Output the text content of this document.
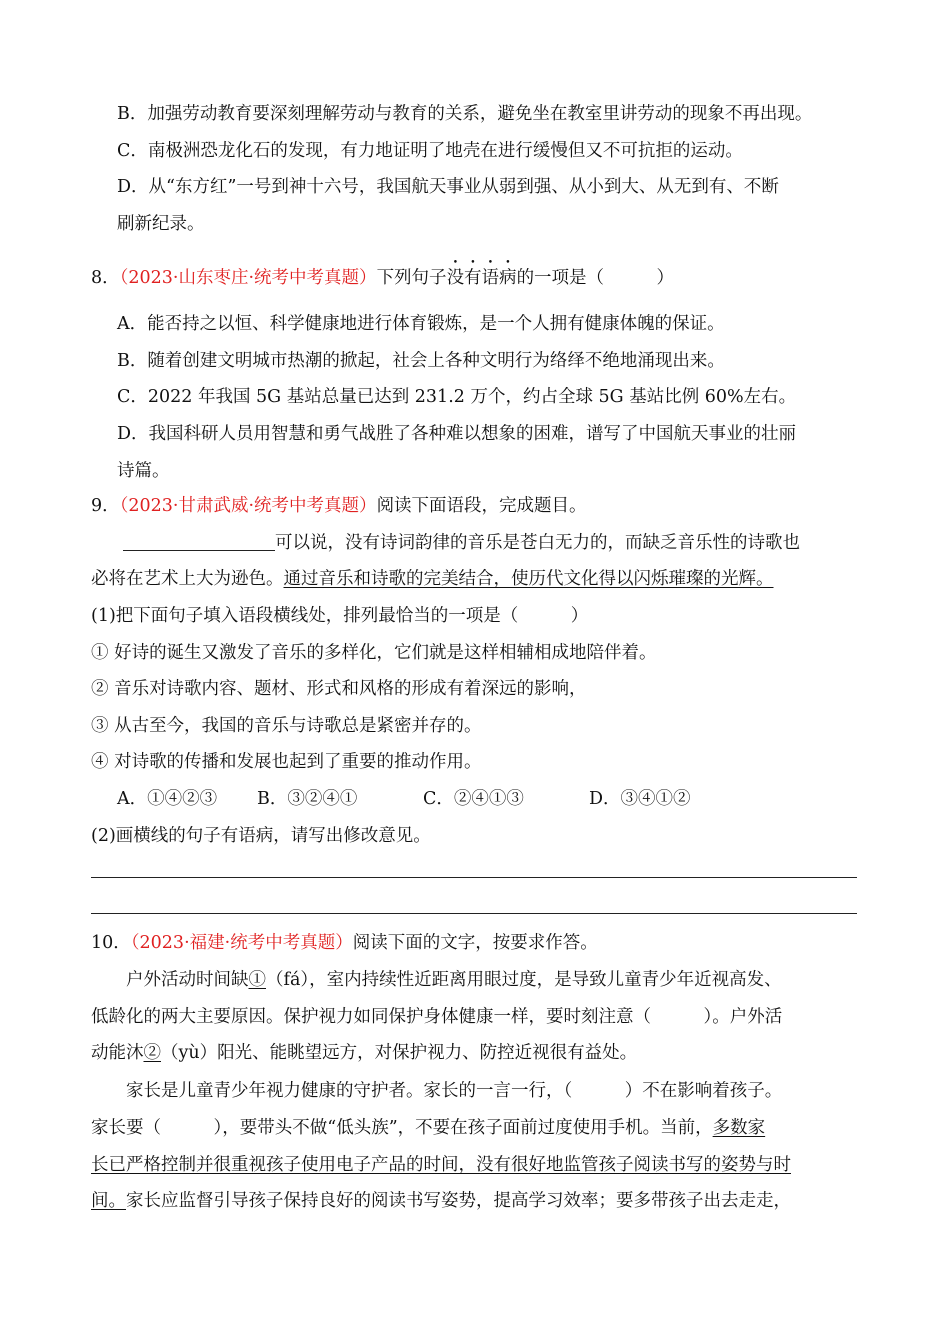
B．加强劳动教育要深刻理解劳动与教育的关系，避免坐在教室里讲劳动的现象不再出现。
C．南极洲恐龙化石的发现，有力地证明了地壳在进行缓慢但又不可抗拒的运动。
D．从“东方红”一号到神十六号，我国航天事业从弱到强、从小到大、从无到有、不断
刷新纪录。
8．（2023·山东枣庄·统考中考真题）下列句子没有语病的一项是（　　　）
A．能否持之以恒、科学健康地进行体育锻炼，是一个人拥有健康体魄的保证。
B．随着创建文明城市热潮的掀起，社会上各种文明行为络绎不绝地涌现出来。
C．2022 年我国 5G 基站总量已达到 231.2 万个，约占全球 5G 基站比例 60%左右。
D．我国科研人员用智慧和勇气战胜了各种难以想象的困难，谱写了中国航天事业的壮丽
诗篇。
9．（2023·甘肃武威·统考中考真题）阅读下面语段，完成题目。
可以说，没有诗词韵律的音乐是苍白无力的，而缺乏音乐性的诗歌也
必将在艺术上大为逊色。通过音乐和诗歌的完美结合，使历代文化得以闪烁璀璨的光辉。
(1)把下面句子填入语段横线处，排列最恰当的一项是（　　　）
① 好诗的诞生又激发了音乐的多样化，它们就是这样相辅相成地陪伴着。
② 音乐对诗歌内容、题材、形式和风格的形成有着深远的影响，
③ 从古至今，我国的音乐与诗歌总是紧密并存的。
④ 对诗歌的传播和发展也起到了重要的推动作用。
A．①④②③ B．③②④①	C．②④①③	D．③④①②
(2)画横线的句子有语病，请写出修改意见。
10．（2023·福建·统考中考真题）阅读下面的文字，按要求作答。
户外活动时间缺①（fá），室内持续性近距离用眼过度，是导致儿童青少年近视高发、
低龄化的两大主要原因。保护视力如同保护身体健康一样，要时刻注意（　　　）。户外活
动能沐②（yù）阳光、能眺望远方，对保护视力、防控近视很有益处。
家长是儿童青少年视力健康的守护者。家长的一言一行，（　　　）不在影响着孩子。
家长要（　　　），要带头不做“低头族”，不要在孩子面前过度使用手机。当前，多数家
长已严格控制并很重视孩子使用电子产品的时间，没有很好地监管孩子阅读书写的姿势与时
间。家长应监督引导孩子保持良好的阅读书写姿势，提高学习效率；要多带孩子出去走走，
